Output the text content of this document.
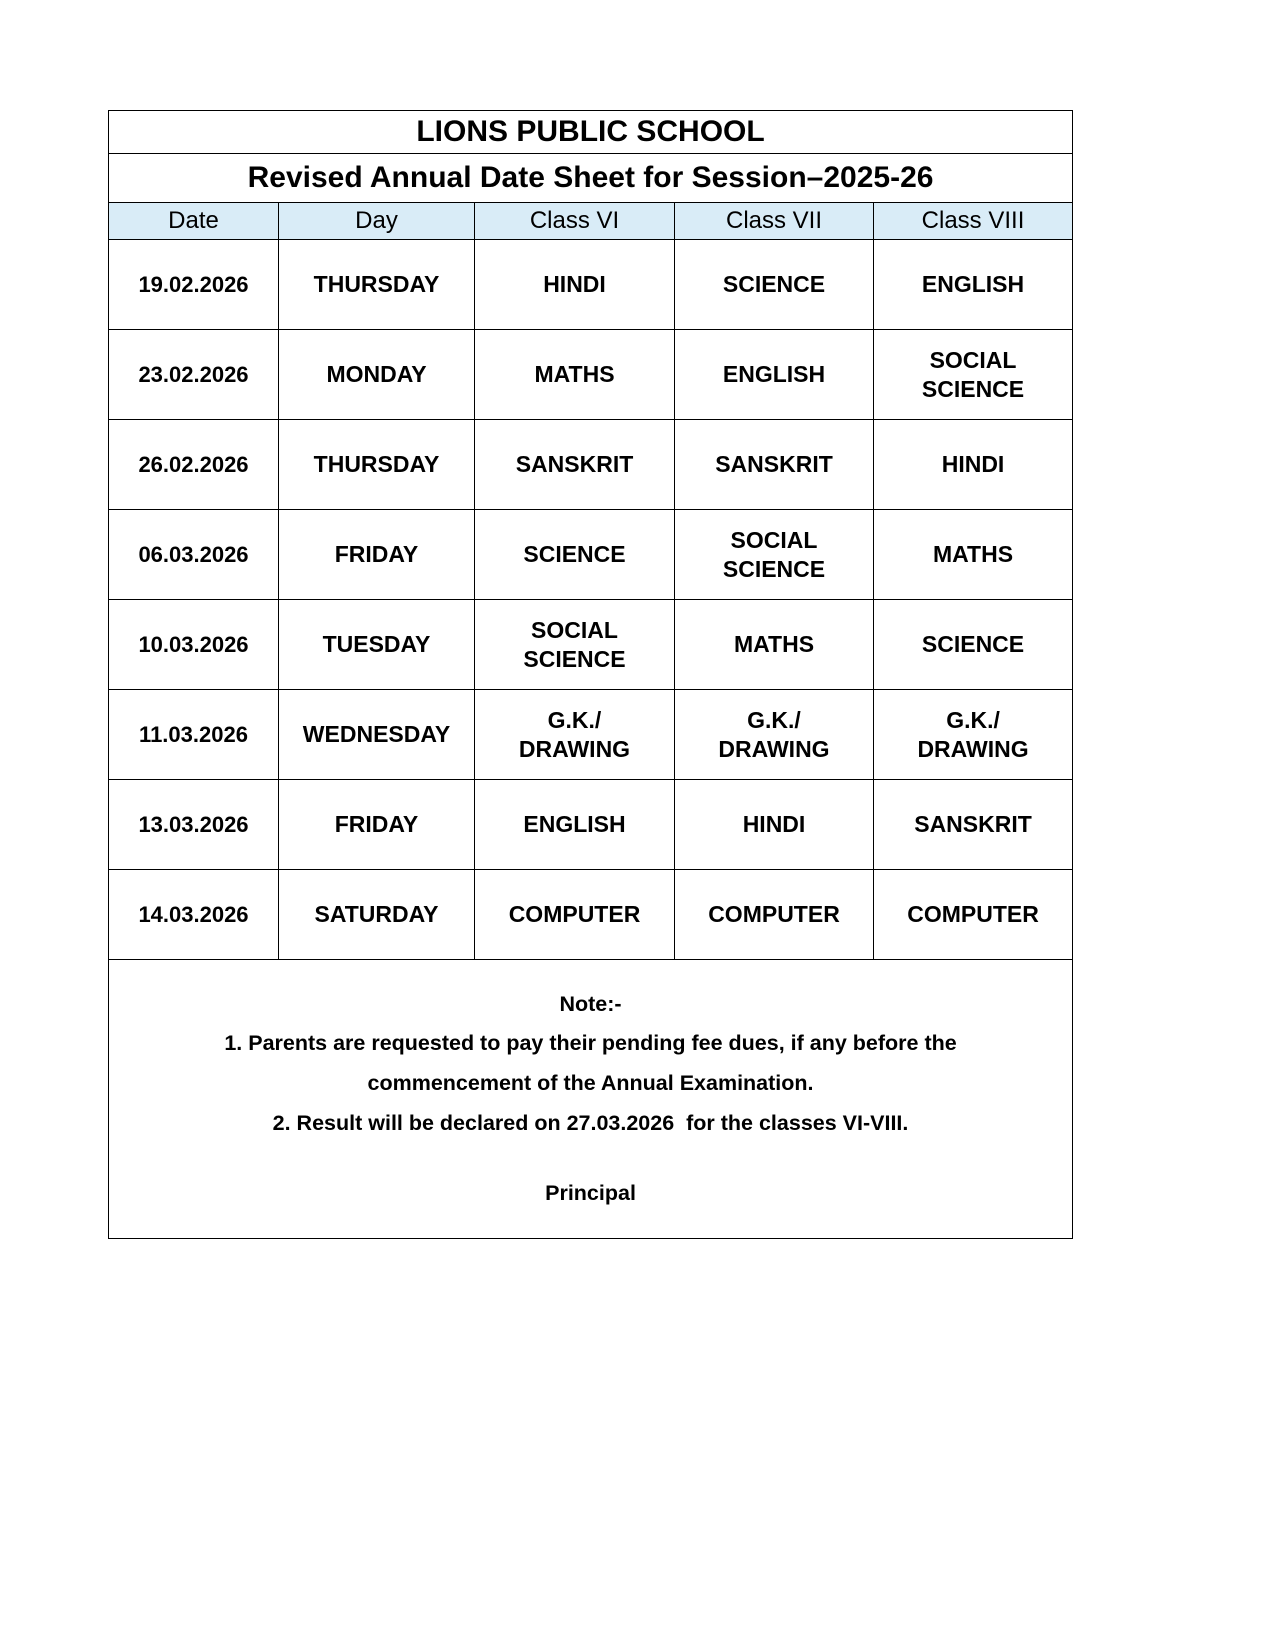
LIONS PUBLIC SCHOOL				
Revised Annual Date Sheet for Session–2025-26				
Date	Day	Class VI	Class VII	Class VIII
19.02.2026	THURSDAY	HINDI	SCIENCE	ENGLISH

23.02.2026	MONDAY	MATHS	ENGLISH	SOCIAL
SCIENCE

26.02.2026	THURSDAY	SANSKRIT	SANSKRIT	HINDI

06.03.2026	FRIDAY	SCIENCE	SOCIAL
SCIENCE	MATHS

10.03.2026	TUESDAY	SOCIAL
SCIENCE	MATHS	SCIENCE

11.03.2026	WEDNESDAY	G.K./
DRAWING	G.K./
DRAWING	G.K./
DRAWING

13.03.2026	FRIDAY	ENGLISH	HINDI	SANSKRIT

14.03.2026	SATURDAY	COMPUTER	COMPUTER	COMPUTER

Note:-
1. Parents are requested to pay their pending fee dues, if any before the
commencement of the Annual Examination.
2. Result will be declared on 27.03.2026  for the classes VI-VIII.
Principal				
